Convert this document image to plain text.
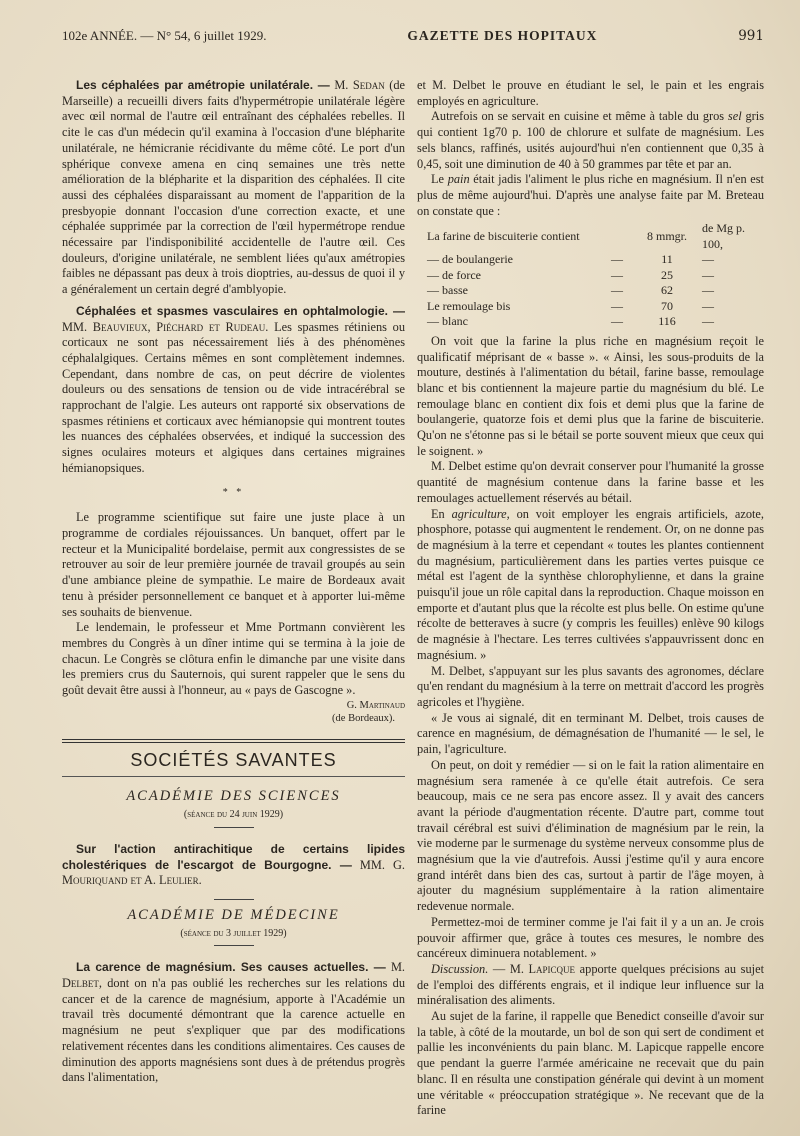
102e ANNÉE. — N° 54, 6 juillet 1929.	GAZETTE DES HOPITAUX	991

Les céphalées par amétropie unilatérale. — M. Sedan (de Marseille) a recueilli divers faits d'hypermétropie unilatérale légère avec œil normal de l'autre œil entraînant des céphalées rebelles. Il cite le cas d'un médecin qu'il examina à l'occasion d'une blépharite unilatérale, ne hémicranie récidivante du même côté. Le port d'un sphérique convexe amena en cinq semaines une très nette amélioration de la blépharite et la disparition des céphalées. Il cite aussi des céphalées disparaissant au moment de l'apparition de la presbyopie donnant l'occasion d'une correction exacte, et une céphalée supprimée par la correction de l'œil hypermétrope rendue nécessaire par l'indisponibilité accidentelle de l'autre œil. Ces douleurs, d'origine unilatérale, ne semblent liées qu'aux amétropies faibles ne dépassant pas deux à trois dioptries, au-dessus de quoi il y a généralement un certain degré d'amblyopie.

Céphalées et spasmes vasculaires en ophtalmologie. — MM. Beauvieux, Piéchard et Rudeau. Les spasmes rétiniens ou corticaux ne sont pas nécessairement liés à des phénomènes céphalalgiques. Certains mêmes en sont complètement indemnes. Cependant, dans nombre de cas, on peut décrire de violentes douleurs ou des sensations de tension ou de vide intracérébral se rapprochant de l'algie. Les auteurs ont rapporté six observations de spasmes rétiniens et corticaux avec hémianopsie qui montrent toutes les nuances des céphalées observées, et indiqué la succession des signes oculaires moteurs et algiques dans certaines migraines hémianopsiques.

* *

Le programme scientifique sut faire une juste place à un programme de cordiales réjouissances. Un banquet, offert par le recteur et la Municipalité bordelaise, permit aux congressistes de se retrouver au soir de leur première journée de travail groupés au sein d'une ambiance pleine de sympathie. Le maire de Bordeaux avait tenu à présider personnellement ce banquet et à apporter lui-même ses souhaits de bienvenue.

Le lendemain, le professeur et Mme Portmann convièrent les membres du Congrès à un dîner intime qui se termina à la joie de chacun. Le Congrès se clôtura enfin le dimanche par une visite dans les premiers crus du Sauternois, qui surent rappeler que le sens du goût devait être aussi à l'honneur, au « pays de Gascogne ».

G. Martinaud
(de Bordeaux).
SOCIÉTÉS SAVANTES
ACADÉMIE DES SCIENCES
(séance du 24 juin 1929)

Sur l'action antirachitique de certains lipides cholestériques de l'escargot de Bourgogne. — MM. G. Mouriquand et A. Leulier.

ACADÉMIE DE MÉDECINE
(séance du 3 juillet 1929)

La carence de magnésium. Ses causes actuelles. — M. Delbet, dont on n'a pas oublié les recherches sur les relations du cancer et de la carence de magnésium, apporte à l'Académie un travail très documenté démontrant que la carence actuelle en magnésium ne peut s'expliquer que par des modifications relativement récentes dans les conditions alimentaires. Ces causes de diminution des apports magnésiens sont dues à de prétendus progrès dans l'alimentation,

et M. Delbet le prouve en étudiant le sel, le pain et les engrais employés en agriculture.

Autrefois on se servait en cuisine et même à table du gros sel gris qui contient 1g70 p. 100 de chlorure et sulfate de magnésium. Les sels blancs, raffinés, usités aujourd'hui n'en contiennent que 0,35 à 0,45, soit une diminution de 40 à 50 grammes par tête et par an.

Le pain était jadis l'aliment le plus riche en magnésium. Il n'en est plus de même aujourd'hui. D'après une analyse faite par M. Breteau on constate que :

La farine de biscuiterie contient		8 mmgr.	de Mg p. 100,
— de boulangerie	—	11	—
— de force	—	25	—
— basse	—	62	—
Le remoulage bis	—	70	—
— blanc	—	116	—

On voit que la farine la plus riche en magnésium reçoit le qualificatif méprisant de « basse ». « Ainsi, les sous-produits de la mouture, destinés à l'alimentation du bétail, farine basse, remoulage blanc et bis contiennent la majeure partie du magnésium du blé. Le remoulage blanc en contient dix fois et demi plus que la farine de boulangerie, quatorze fois et demi plus que la farine de biscuiterie. Qu'on ne s'étonne pas si le bétail se porte souvent mieux que ceux qui le soignent. »

M. Delbet estime qu'on devrait conserver pour l'humanité la grosse quantité de magnésium contenue dans la farine basse et les remoulages actuellement réservés au bétail.

En agriculture, on voit employer les engrais artificiels, azote, phosphore, potasse qui augmentent le rendement. Or, on ne donne pas de magnésium à la terre et cependant « toutes les plantes contiennent du magnésium, particulièrement dans les parties vertes puisque ce métal est l'agent de la synthèse chlorophylienne, et dans la graine puisqu'il joue un rôle capital dans la reproduction. Chaque moisson en emporte et d'autant plus que la récolte est plus belle. On estime qu'une récolte de betteraves à sucre (y compris les feuilles) enlève 90 kilogs de magnésie à l'hectare. Les terres cultivées s'appauvrissent donc en magnésium. »

M. Delbet, s'appuyant sur les plus savants des agronomes, déclare qu'en rendant du magnésium à la terre on mettrait d'accord les progrès agricoles et l'hygiène.

« Je vous ai signalé, dit en terminant M. Delbet, trois causes de carence en magnésium, de démagnésation de l'humanité — le sel, le pain, l'agriculture.

On peut, on doit y remédier — si on le fait la ration alimentaire en magnésium sera ramenée à ce qu'elle était autrefois. Ce sera beaucoup, mais ce ne sera pas encore assez. Il y avait des cancers avant la période d'augmentation récente. D'autre part, comme tout travail cérébral est suivi d'élimination de magnésium par le rein, la vie moderne par le surmenage du système nerveux consomme plus de magnésium que la vie d'autrefois. Aussi j'estime qu'il y aura encore grand intérêt dans bien des cas, surtout à partir de l'âge moyen, à ajouter du magnésium supplémentaire à la ration alimentaire redevenue normale.

Permettez-moi de terminer comme je l'ai fait il y a un an. Je crois pouvoir affirmer que, grâce à toutes ces mesures, le nombre des cancéreux diminuera notablement. »

Discussion. — M. Lapicque apporte quelques précisions au sujet de l'emploi des différents engrais, et il indique leur influence sur la minéralisation des aliments.

Au sujet de la farine, il rappelle que Benedict conseille d'avoir sur la table, à côté de la moutarde, un bol de son qui sert de condiment et pallie les inconvénients du pain blanc. M. Lapicque rappelle encore que pendant la guerre l'armée américaine ne recevait que du pain blanc. Il en résulta une constipation générale qui devint à un moment une véritable « préoccupation stratégique ». Ne recevant que de la farine
